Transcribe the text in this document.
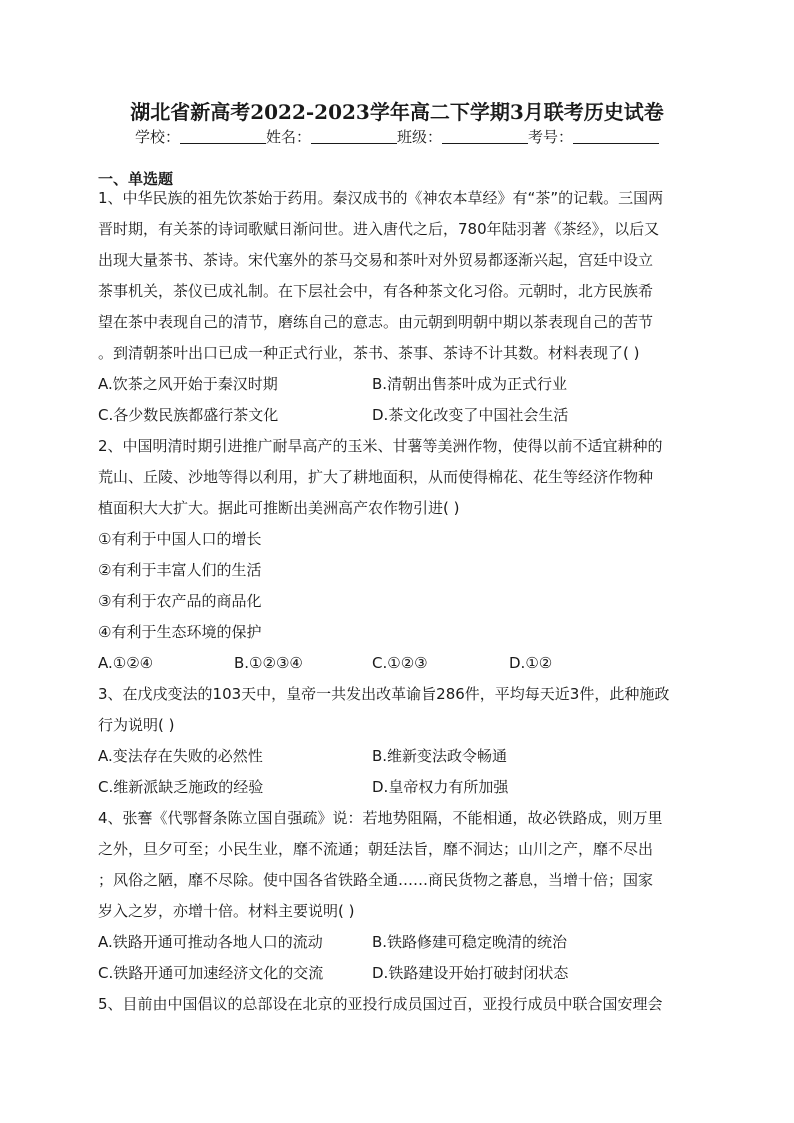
湖北省新高考2022-2023学年高二下学期3月联考历史试卷
学校：	姓名：	班级：	考号：
一、单选题
1、中华民族的祖先饮茶始于药用。秦汉成书的《神农本草经》有“茶”的记载。三国两
晋时期，有关茶的诗词歌赋日渐问世。进入唐代之后，780年陆羽著《茶经》，以后又
出现大量茶书、茶诗。宋代塞外的茶马交易和茶叶对外贸易都逐渐兴起，宫廷中设立
茶事机关，茶仪已成礼制。在下层社会中，有各种茶文化习俗。元朝时，北方民族希
望在茶中表现自己的清节，磨练自己的意志。由元朝到明朝中期以茶表现自己的苦节
。到清朝茶叶出口已成一种正式行业，茶书、茶事、茶诗不计其数。材料表现了( )
A.饮茶之风开始于秦汉时期	B.清朝出售茶叶成为正式行业
C.各少数民族都盛行茶文化	D.茶文化改变了中国社会生活
2、中国明清时期引进推广耐旱高产的玉米、甘薯等美洲作物，使得以前不适宜耕种的
荒山、丘陵、沙地等得以利用，扩大了耕地面积，从而使得棉花、花生等经济作物种
植面积大大扩大。据此可推断出美洲高产农作物引进( )
①有利于中国人口的增长
②有利于丰富人们的生活
③有利于农产品的商品化
④有利于生态环境的保护
A.①②④	B.①②③④	C.①②③	D.①②
3、在戊戌变法的103天中，皇帝一共发出改革谕旨286件，平均每天近3件，此种施政
行为说明( )
A.变法存在失败的必然性	B.维新变法政令畅通
C.维新派缺乏施政的经验	D.皇帝权力有所加强
4、张謇《代鄂督条陈立国自强疏》说：若地势阻隔，不能相通，故必铁路成，则万里
之外，旦夕可至；小民生业，靡不流通；朝廷法旨，靡不洞达；山川之产，靡不尽出
；风俗之陋，靡不尽除。使中国各省铁路全通……商民货物之蕃息，当增十倍；国家
岁入之岁，亦增十倍。材料主要说明( )
A.铁路开通可推动各地人口的流动	B.铁路修建可稳定晚清的统治
C.铁路开通可加速经济文化的交流	D.铁路建设开始打破封闭状态
5、目前由中国倡议的总部设在北京的亚投行成员国过百，亚投行成员中联合国安理会
